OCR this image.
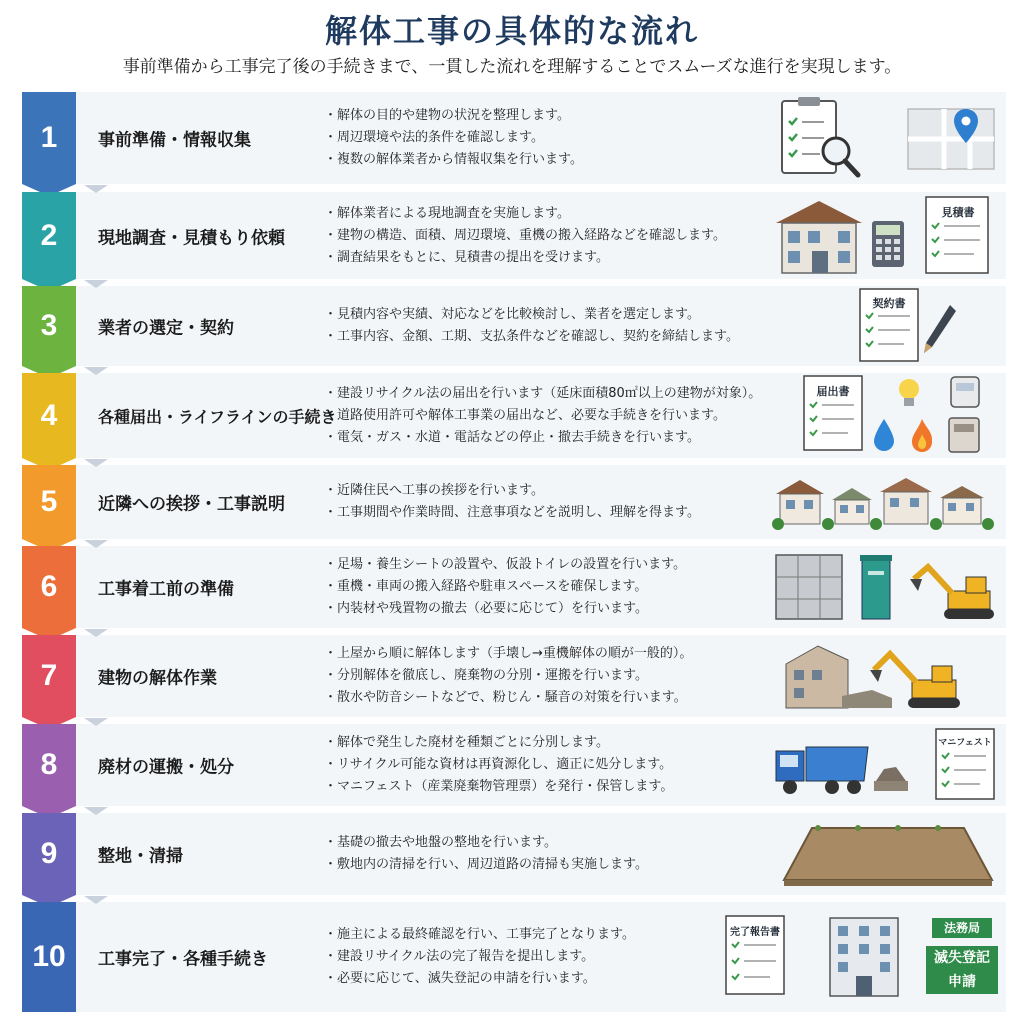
解体工事の具体的な流れ
事前準備から工事完了後の手続きまで、一貫した流れを理解することでスムーズな進行を実現します。
1	事前準備・情報収集
・ 解体の目的や建物の状況を整理します。
・ 周辺環境や法的条件を確認します。
・ 複数の解体業者から情報収集を行います。
2	現地調査・見積もり依頼
・ 解体業者による現地調査を実施します。
・ 建物の構造、面積、周辺環境、重機の搬入経路などを確認します。
・ 調査結果をもとに、見積書の提出を受けます。
見積書
3	業者の選定・契約
・ 見積内容や実績、対応などを比較検討し、業者を選定します。
・ 工事内容、金額、工期、支払条件などを確認し、契約を締結します。
契約書
4	各種届出・ライフラインの手続き
・ 建設リサイクル法の届出を行います（延床面積80㎡以上の建物が対象）。
・ 道路使用許可や解体工事業の届出など、必要な手続きを行います。
・ 電気・ガス・水道・電話などの停止・撤去手続きを行います。
届出書
5	近隣への挨拶・工事説明
・ 近隣住民へ工事の挨拶を行います。
・ 工事期間や作業時間、注意事項などを説明し、理解を得ます。
6	工事着工前の準備
・ 足場・養生シートの設置や、仮設トイレの設置を行います。
・ 重機・車両の搬入経路や駐車スペースを確保します。
・ 内装材や残置物の撤去（必要に応じて）を行います。
7	建物の解体作業
・ 上屋から順に解体します（手壊し→重機解体の順が一般的）。
・ 分別解体を徹底し、廃棄物の分別・運搬を行います。
・ 散水や防音シートなどで、粉じん・騒音の対策を行います。
8	廃材の運搬・処分
・ 解体で発生した廃材を種類ごとに分別します。
・ リサイクル可能な資材は再資源化し、適正に処分します。
・ マニフェスト（産業廃棄物管理票）を発行・保管します。
マニフェスト
9	整地・清掃
・ 基礎の撤去や地盤の整地を行います。
・ 敷地内の清掃を行い、周辺道路の清掃も実施します。
10	工事完了・各種手続き
・ 施主による最終確認を行い、工事完了となります。
・ 建設リサイクル法の完了報告を提出します。
・ 必要に応じて、滅失登記の申請を行います。
完了報告書	法務局
滅失登記申請
